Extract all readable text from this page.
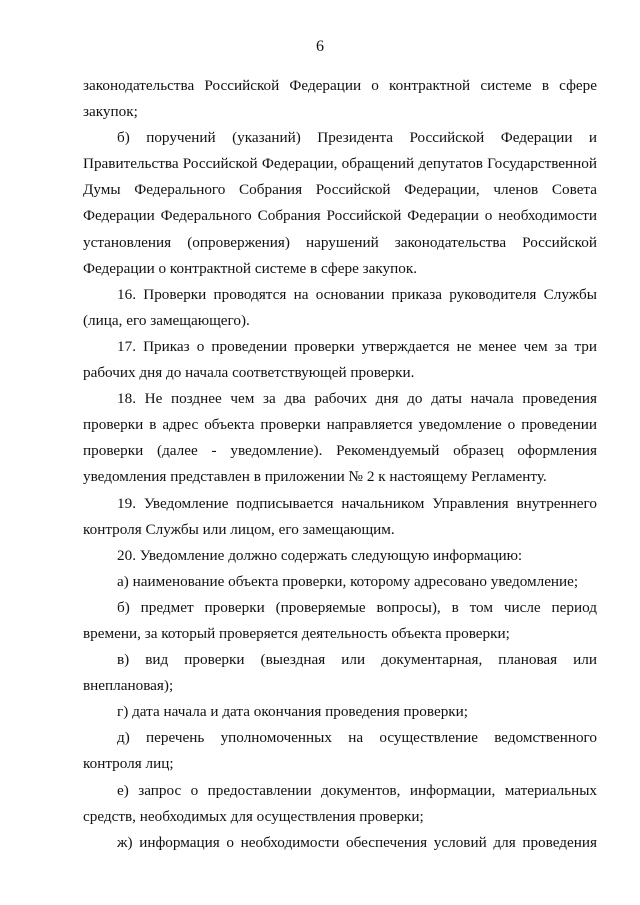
6

законодательства Российской Федерации о контрактной системе в сфере закупок;

б) поручений (указаний) Президента Российской Федерации и Правительства Российской Федерации, обращений депутатов Государственной Думы Федерального Собрания Российской Федерации, членов Совета Федерации Федерального Собрания Российской Федерации о необходимости установления (опровержения) нарушений законодательства Российской Федерации о контрактной системе в сфере закупок.

16. Проверки проводятся на основании приказа руководителя Службы (лица, его замещающего).

17. Приказ о проведении проверки утверждается не менее чем за три рабочих дня до начала соответствующей проверки.

18. Не позднее чем за два рабочих дня до даты начала проведения проверки в адрес объекта проверки направляется уведомление о проведении проверки (далее - уведомление). Рекомендуемый образец оформления уведомления представлен в приложении № 2 к настоящему Регламенту.

19. Уведомление подписывается начальником Управления внутреннего контроля Службы или лицом, его замещающим.

20. Уведомление должно содержать следующую информацию:

а) наименование объекта проверки, которому адресовано уведомление;

б) предмет проверки (проверяемые вопросы), в том числе период времени, за который проверяется деятельность объекта проверки;

в) вид проверки (выездная или документарная, плановая или внеплановая);

г) дата начала и дата окончания проведения проверки;

д) перечень уполномоченных на осуществление ведомственного контроля лиц;

е) запрос о предоставлении документов, информации, материальных средств, необходимых для осуществления проверки;

ж) информация о необходимости обеспечения условий для проведения
